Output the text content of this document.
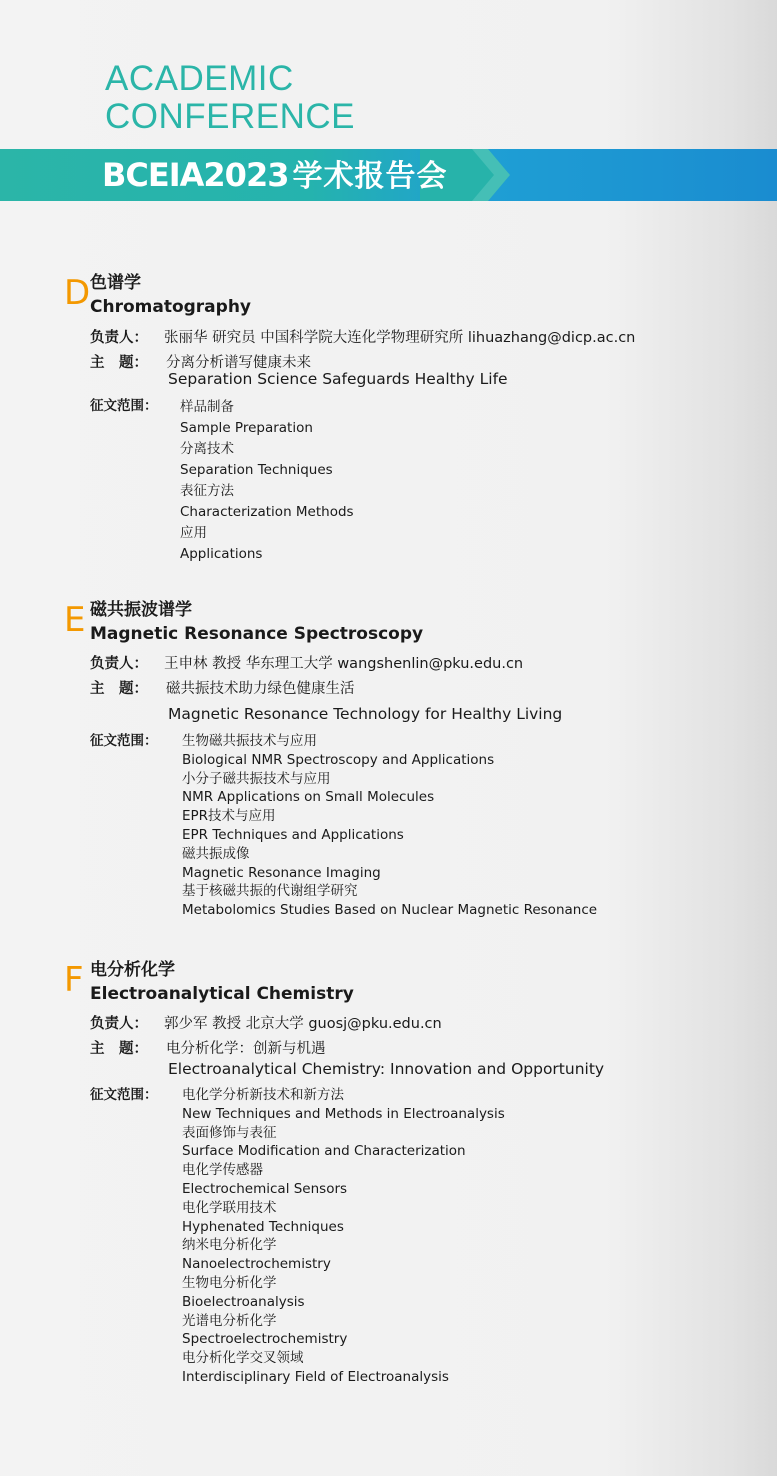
ACADEMIC
CONFERENCE
BCEIA2023 学术报告会
D 色谱学
Chromatography
负责人： 张丽华 研究员 中国科学院大连化学物理研究所 lihuazhang@dicp.ac.cn
主　题： 分离分析谱写健康未来
Separation Science Safeguards Healthy Life
征文范围： 样品制备
Sample Preparation
分离技术
Separation Techniques
表征方法
Characterization Methods
应用
Applications
E 磁共振波谱学
Magnetic Resonance Spectroscopy
负责人： 王申林 教授 华东理工大学 wangshenlin@pku.edu.cn
主　题： 磁共振技术助力绿色健康生活
Magnetic Resonance Technology for Healthy Living
征文范围： 生物磁共振技术与应用
Biological NMR Spectroscopy and Applications
小分子磁共振技术与应用
NMR Applications on Small Molecules
EPR技术与应用
EPR Techniques and Applications
磁共振成像
Magnetic Resonance Imaging
基于核磁共振的代谢组学研究
Metabolomics Studies Based on Nuclear Magnetic Resonance
F 电分析化学
Electroanalytical Chemistry
负责人： 郭少军 教授 北京大学 guosj@pku.edu.cn
主　题： 电分析化学：创新与机遇
Electroanalytical Chemistry: Innovation and Opportunity
征文范围： 电化学分析新技术和新方法
New Techniques and Methods in Electroanalysis
表面修饰与表征
Surface Modification and Characterization
电化学传感器
Electrochemical Sensors
电化学联用技术
Hyphenated Techniques
纳米电分析化学
Nanoelectrochemistry
生物电分析化学
Bioelectroanalysis
光谱电分析化学
Spectroelectrochemistry
电分析化学交叉领域
Interdisciplinary Field of Electroanalysis
